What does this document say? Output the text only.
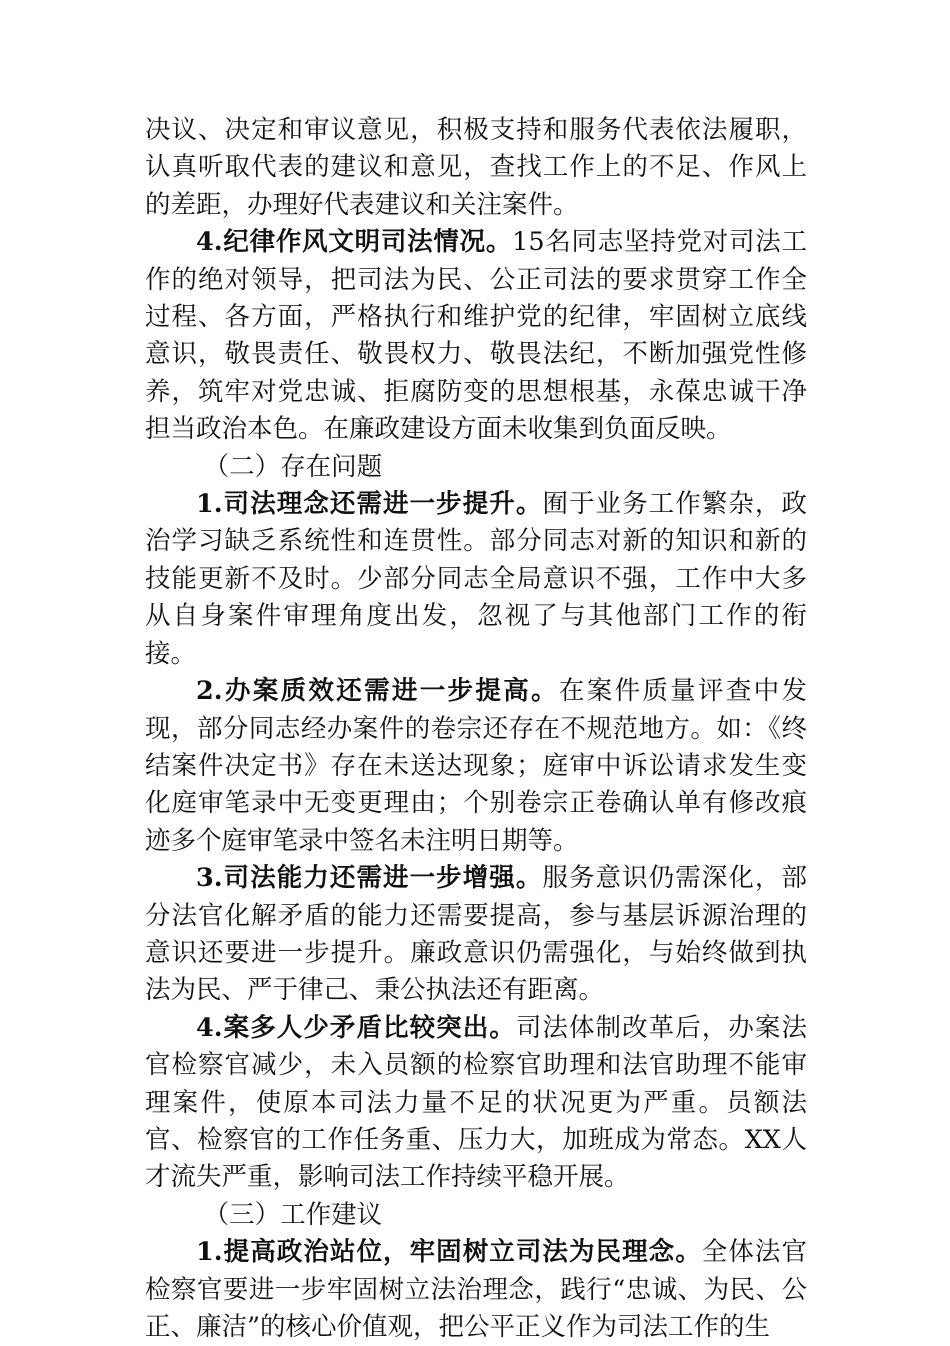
决议、决定和审议意见，积极支持和服务代表依法履职，认真听取代表的建议和意见，查找工作上的不足、作风上的差距，办理好代表建议和关注案件。

4.纪律作风文明司法情况。15名同志坚持党对司法工作的绝对领导，把司法为民、公正司法的要求贯穿工作全过程、各方面，严格执行和维护党的纪律，牢固树立底线意识，敬畏责任、敬畏权力、敬畏法纪，不断加强党性修养，筑牢对党忠诚、拒腐防变的思想根基，永葆忠诚干净担当政治本色。在廉政建设方面未收集到负面反映。

（二）存在问题

1.司法理念还需进一步提升。囿于业务工作繁杂，政治学习缺乏系统性和连贯性。部分同志对新的知识和新的技能更新不及时。少部分同志全局意识不强，工作中大多从自身案件审理角度出发，忽视了与其他部门工作的衔接。

2.办案质效还需进一步提高。在案件质量评查中发现，部分同志经办案件的卷宗还存在不规范地方。如：《终结案件决定书》存在未送达现象；庭审中诉讼请求发生变化庭审笔录中无变更理由；个别卷宗正卷确认单有修改痕迹多个庭审笔录中签名未注明日期等。

3.司法能力还需进一步增强。服务意识仍需深化，部分法官化解矛盾的能力还需要提高，参与基层诉源治理的意识还要进一步提升。廉政意识仍需强化，与始终做到执法为民、严于律己、秉公执法还有距离。

4.案多人少矛盾比较突出。司法体制改革后，办案法官检察官减少，未入员额的检察官助理和法官助理不能审理案件，使原本司法力量不足的状况更为严重。员额法官、检察官的工作任务重、压力大，加班成为常态。XX人才流失严重，影响司法工作持续平稳开展。

（三）工作建议

1.提高政治站位，牢固树立司法为民理念。全体法官检察官要进一步牢固树立法治理念，践行“忠诚、为民、公正、廉洁”的核心价值观，把公平正义作为司法工作的生
